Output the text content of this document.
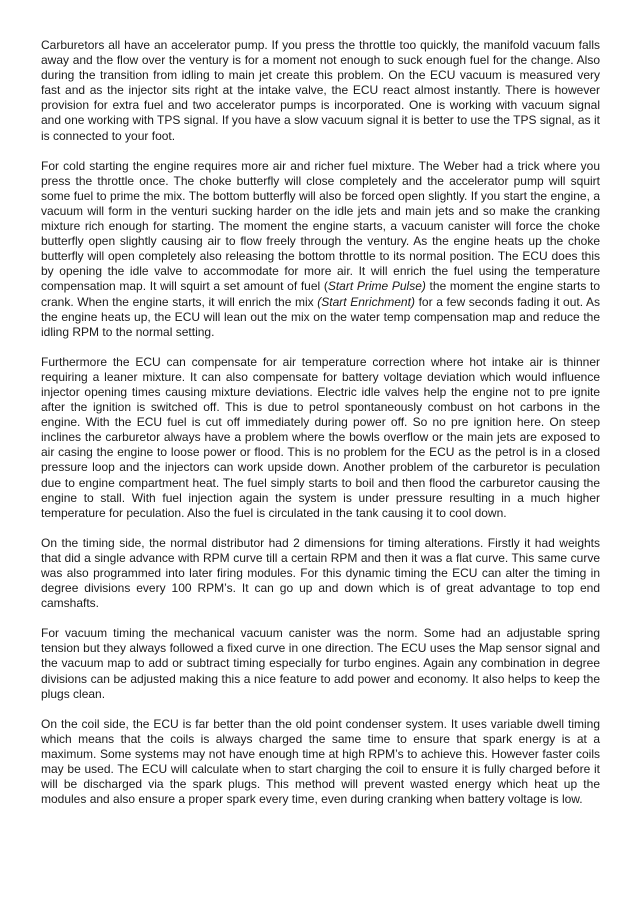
Carburetors all have an accelerator pump. If you press the throttle too quickly, the manifold vacuum falls away and the flow over the ventury is for a moment not enough to suck enough fuel for the change. Also during the transition from idling to main jet create this problem. On the ECU vacuum is measured very fast and as the injector sits right at the intake valve, the ECU react almost instantly. There is however provision for extra fuel and two accelerator pumps is incorporated. One is working with vacuum signal and one working with TPS signal. If you have a slow vacuum signal it is better to use the TPS signal, as it is connected to your foot.

For cold starting the engine requires more air and richer fuel mixture. The Weber had a trick where you press the throttle once. The choke butterfly will close completely and the accelerator pump will squirt some fuel to prime the mix. The bottom butterfly will also be forced open slightly. If you start the engine, a vacuum will form in the venturi sucking harder on the idle jets and main jets and so make the cranking mixture rich enough for starting. The moment the engine starts, a vacuum canister will force the choke butterfly open slightly causing air to flow freely through the ventury. As the engine heats up the choke butterfly will open completely also releasing the bottom throttle to its normal position. The ECU does this by opening the idle valve to accommodate for more air. It will enrich the fuel using the temperature compensation map. It will squirt a set amount of fuel (Start Prime Pulse) the moment the engine starts to crank. When the engine starts, it will enrich the mix (Start Enrichment) for a few seconds fading it out. As the engine heats up, the ECU will lean out the mix on the water temp compensation map and reduce the idling RPM to the normal setting.

Furthermore the ECU can compensate for air temperature correction where hot intake air is thinner requiring a leaner mixture. It can also compensate for battery voltage deviation which would influence injector opening times causing mixture deviations. Electric idle valves help the engine not to pre ignite after the ignition is switched off. This is due to petrol spontaneously combust on hot carbons in the engine. With the ECU fuel is cut off immediately during power off. So no pre ignition here. On steep inclines the carburetor always have a problem where the bowls overflow or the main jets are exposed to air casing the engine to loose power or flood. This is no problem for the ECU as the petrol is in a closed pressure loop and the injectors can work upside down. Another problem of the carburetor is peculation due to engine compartment heat. The fuel simply starts to boil and then flood the carburetor causing the engine to stall. With fuel injection again the system is under pressure resulting in a much higher temperature for peculation. Also the fuel is circulated in the tank causing it to cool down.

On the timing side, the normal distributor had 2 dimensions for timing alterations. Firstly it had weights that did a single advance with RPM curve till a certain RPM and then it was a flat curve. This same curve was also programmed into later firing modules. For this dynamic timing the ECU can alter the timing in degree divisions every 100 RPM’s. It can go up and down which is of great advantage to top end camshafts.

For vacuum timing the mechanical vacuum canister was the norm. Some had an adjustable spring tension but they always followed a fixed curve in one direction. The ECU uses the Map sensor signal and the vacuum map to add or subtract timing especially for turbo engines. Again any combination in degree divisions can be adjusted making this a nice feature to add power and economy. It also helps to keep the plugs clean.

On the coil side, the ECU is far better than the old point condenser system. It uses variable dwell timing which means that the coils is always charged the same time to ensure that spark energy is at a maximum. Some systems may not have enough time at high RPM’s to achieve this. However faster coils may be used. The ECU will calculate when to start charging the coil to ensure it is fully charged before it will be discharged via the spark plugs. This method will prevent wasted energy which heat up the modules and also ensure a proper spark every time, even during cranking when battery voltage is low.
